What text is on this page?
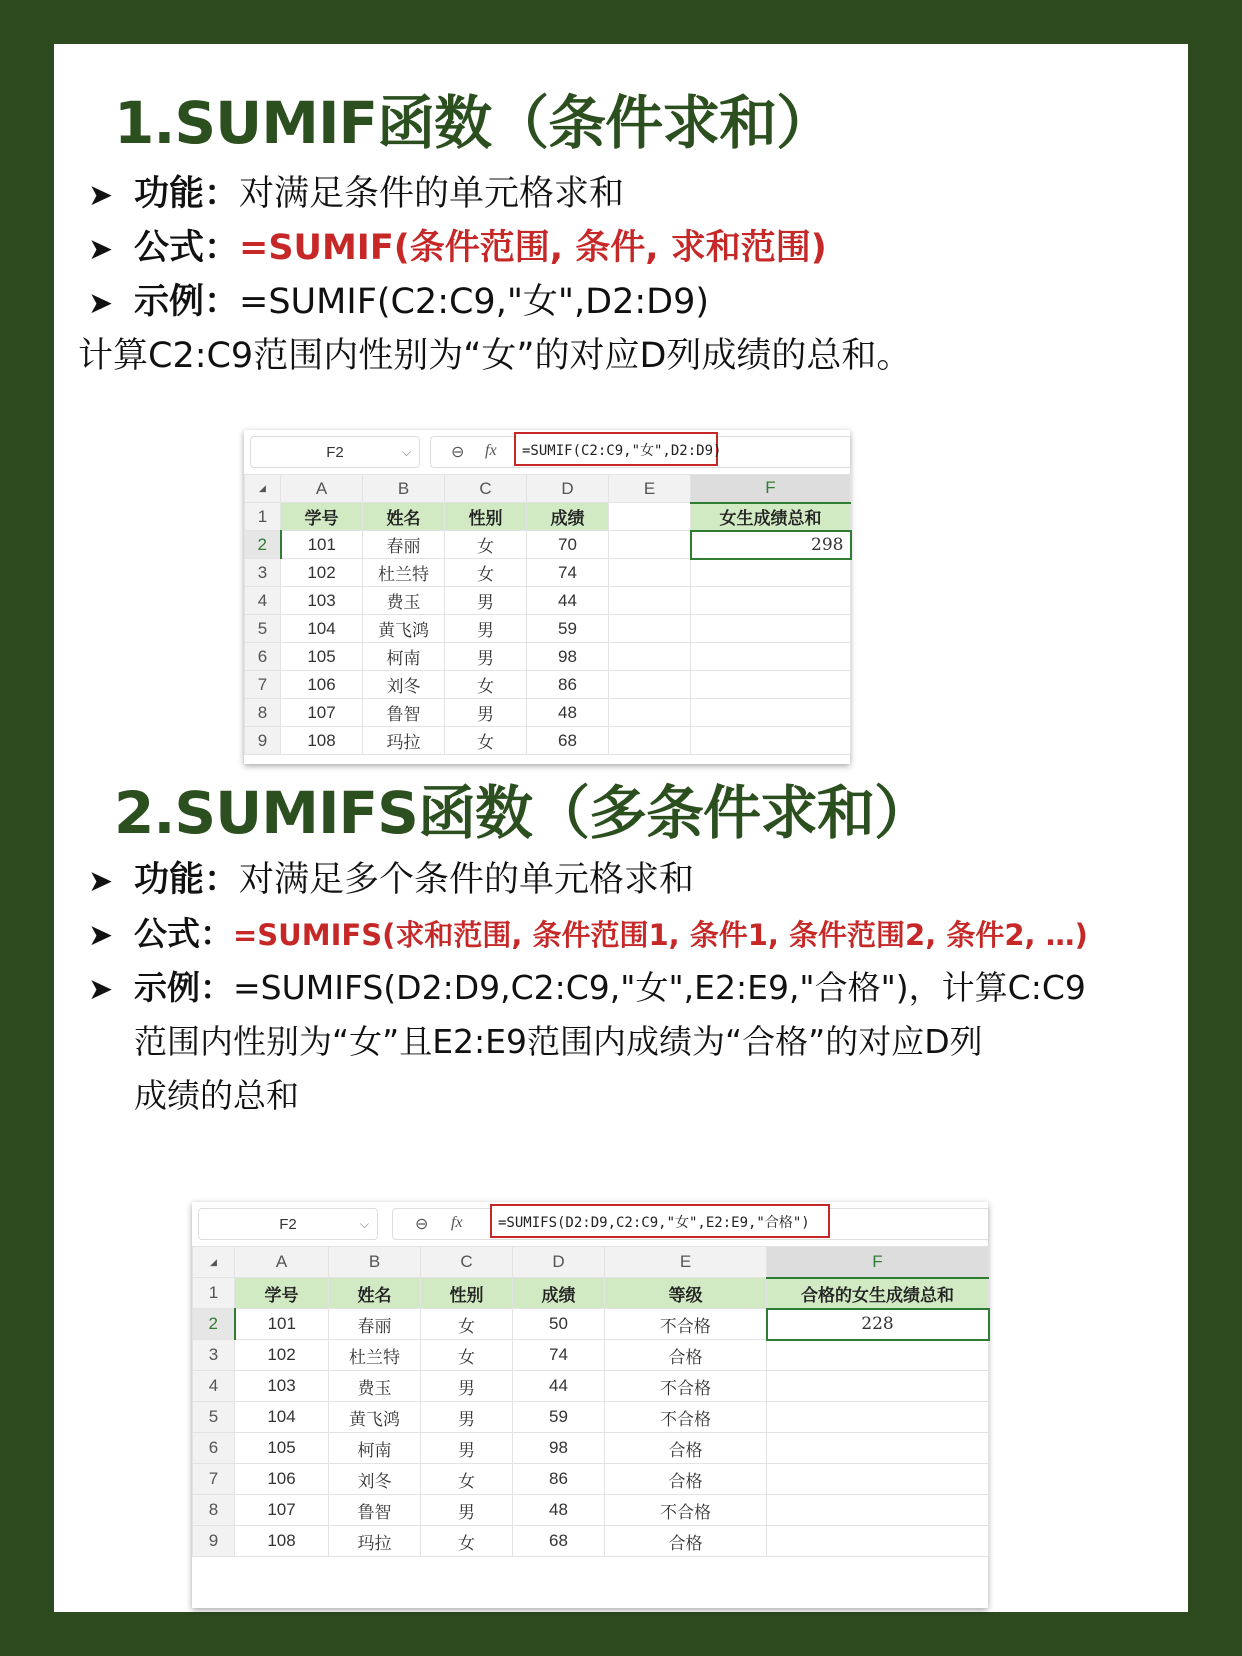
1.SUMIF函数（条件求和）
➤ 功能：对满足条件的单元格求和
➤ 公式：=SUMIF(条件范围, 条件, 求和范围)
➤ 示例：=SUMIF(C2:C9,"女",D2:D9)
计算C2:C9范围内性别为“女”的对应D列成绩的总和。
F2	⌵	⊖ fx	=SUMIF(C2:C9,"女",D2:D9)
◢	A	B	C	D	E	F
1	学号	姓名	性别	成绩		女生成绩总和
2	101	春丽	女	70		298
3	102	杜兰特	女	74		
4	103	费玉	男	44		
5	104	黄飞鸿	男	59		
6	105	柯南	男	98		
7	106	刘冬	女	86		
8	107	鲁智	男	48		
9	108	玛拉	女	68		
2.SUMIFS函数（多条件求和）
➤ 功能：对满足多个条件的单元格求和
➤ 公式：=SUMIFS(求和范围, 条件范围1, 条件1, 条件范围2, 条件2, …)
➤ 示例：=SUMIFS(D2:D9,C2:C9,"女",E2:E9,"合格")，计算C:C9
范围内性别为“女”且E2:E9范围内成绩为“合格”的对应D列
成绩的总和
F2	⌵	⊖ fx	=SUMIFS(D2:D9,C2:C9,"女",E2:E9,"合格")
◢	A	B	C	D	E	F
1	学号	姓名	性别	成绩	等级	合格的女生成绩总和
2	101	春丽	女	50	不合格	228
3	102	杜兰特	女	74	合格	
4	103	费玉	男	44	不合格	
5	104	黄飞鸿	男	59	不合格	
6	105	柯南	男	98	合格	
7	106	刘冬	女	86	合格	
8	107	鲁智	男	48	不合格	
9	108	玛拉	女	68	合格	
